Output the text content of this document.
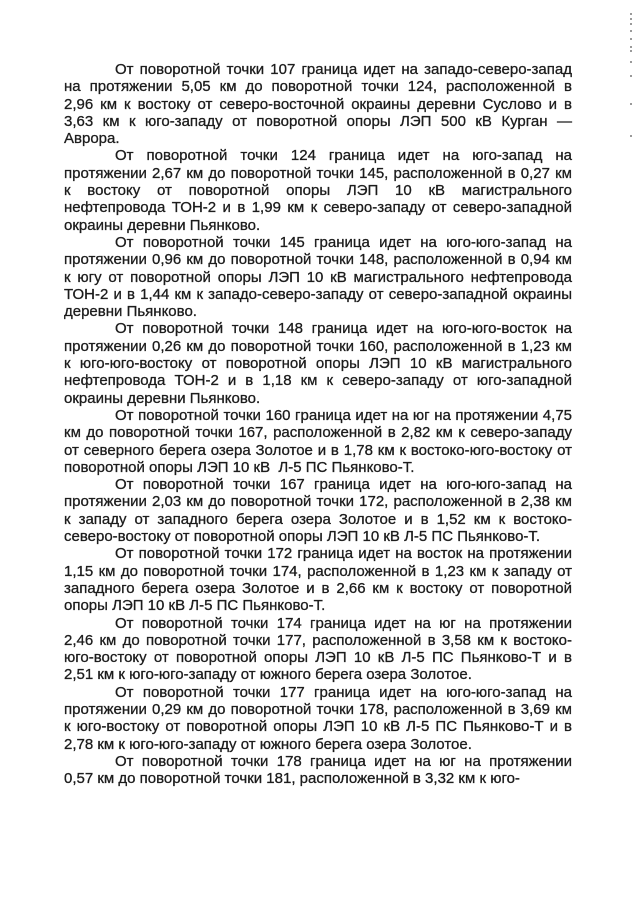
От поворотной точки 107 граница идет на западо-северо-запад на протяжении 5,05 км до поворотной точки 124, расположенной в 2,96 км к востоку от северо-восточной окраины деревни Суслово и в 3,63 км к юго-западу от поворотной опоры ЛЭП 500 кВ Курган — Аврора.

От поворотной точки 124 граница идет на юго-запад на протяжении 2,67 км до поворотной точки 145, расположенной в 0,27 км к востоку от поворотной опоры ЛЭП 10 кВ магистрального нефтепровода ТОН-2 и в 1,99 км к северо-западу от северо-западной окраины деревни Пьянково.

От поворотной точки 145 граница идет на юго-юго-запад на протяжении 0,96 км до поворотной точки 148, расположенной в 0,94 км к югу от поворотной опоры ЛЭП 10 кВ магистрального нефтепровода ТОН-2 и в 1,44 км к западо-северо-западу от северо-западной окраины деревни Пьянково.

От поворотной точки 148 граница идет на юго-юго-восток на протяжении 0,26 км до поворотной точки 160, расположенной в 1,23 км к юго-юго-востоку от поворотной опоры ЛЭП 10 кВ магистрального нефтепровода ТОН-2 и в 1,18 км к северо-западу от юго-западной окраины деревни Пьянково.

От поворотной точки 160 граница идет на юг на протяжении 4,75 км до поворотной точки 167, расположенной в 2,82 км к северо-западу от северного берега озера Золотое и в 1,78 км к востоко-юго-востоку от поворотной опоры ЛЭП 10 кВ  Л-5 ПС Пьянково-Т.

От поворотной точки 167 граница идет на юго-юго-запад на протяжении 2,03 км до поворотной точки 172, расположенной в 2,38 км к западу от западного берега озера Золотое и в 1,52 км к востоко-северо-востоку от поворотной опоры ЛЭП 10 кВ Л-5 ПС Пьянково-Т.

От поворотной точки 172 граница идет на восток на протяжении 1,15 км до поворотной точки 174, расположенной в 1,23 км к западу от западного берега озера Золотое и в 2,66 км к востоку от поворотной опоры ЛЭП 10 кВ Л-5 ПС Пьянково-Т.

От поворотной точки 174 граница идет на юг на протяжении 2,46 км до поворотной точки 177, расположенной в 3,58 км к востоко-юго-востоку от поворотной опоры ЛЭП 10 кВ Л-5 ПС Пьянково-Т и в 2,51 км к юго-юго-западу от южного берега озера Золотое.

От поворотной точки 177 граница идет на юго-юго-запад на протяжении 0,29 км до поворотной точки 178, расположенной в 3,69 км к юго-востоку от поворотной опоры ЛЭП 10 кВ Л-5 ПС Пьянково-Т и в 2,78 км к юго-юго-западу от южного берега озера Золотое.

От поворотной точки 178 граница идет на юг на протяжении 0,57 км до поворотной точки 181, расположенной в 3,32 км к юго-
